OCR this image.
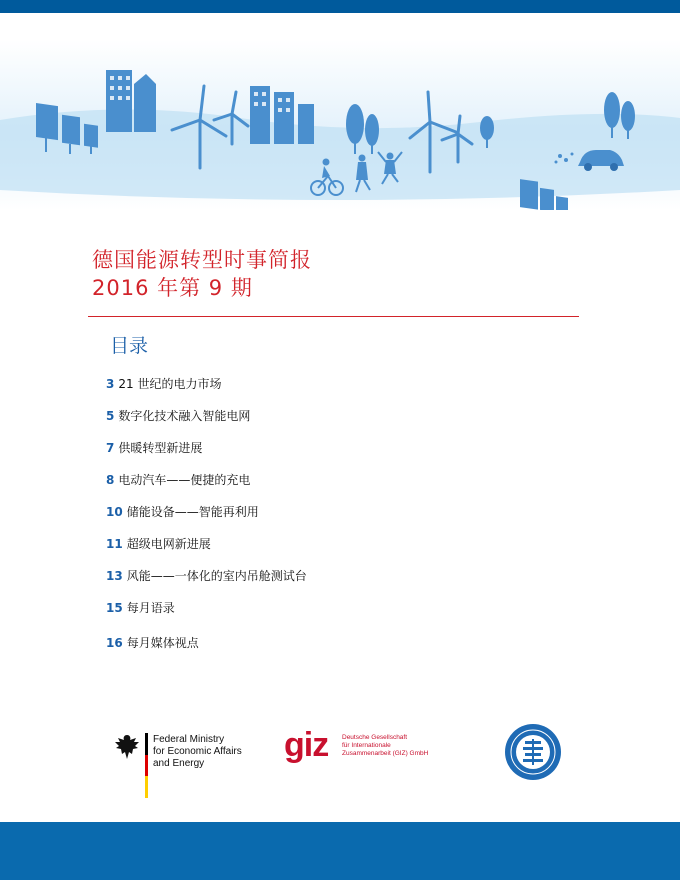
德国能源转型时事简报
2016 年第 9 期
目录
3 21 世纪的电力市场
5 数字化技术融入智能电网
7 供暖转型新进展
8 电动汽车——便捷的充电
10 储能设备——智能再利用
11 超级电网新进展
13 风能——一体化的室内吊舱测试台
15 每月语录
16 每月媒体视点
Federal Ministry
for Economic Affairs
and Energy	giz Deutsche Gesellschaft
für Internationale
Zusammenarbeit (GIZ) GmbH
